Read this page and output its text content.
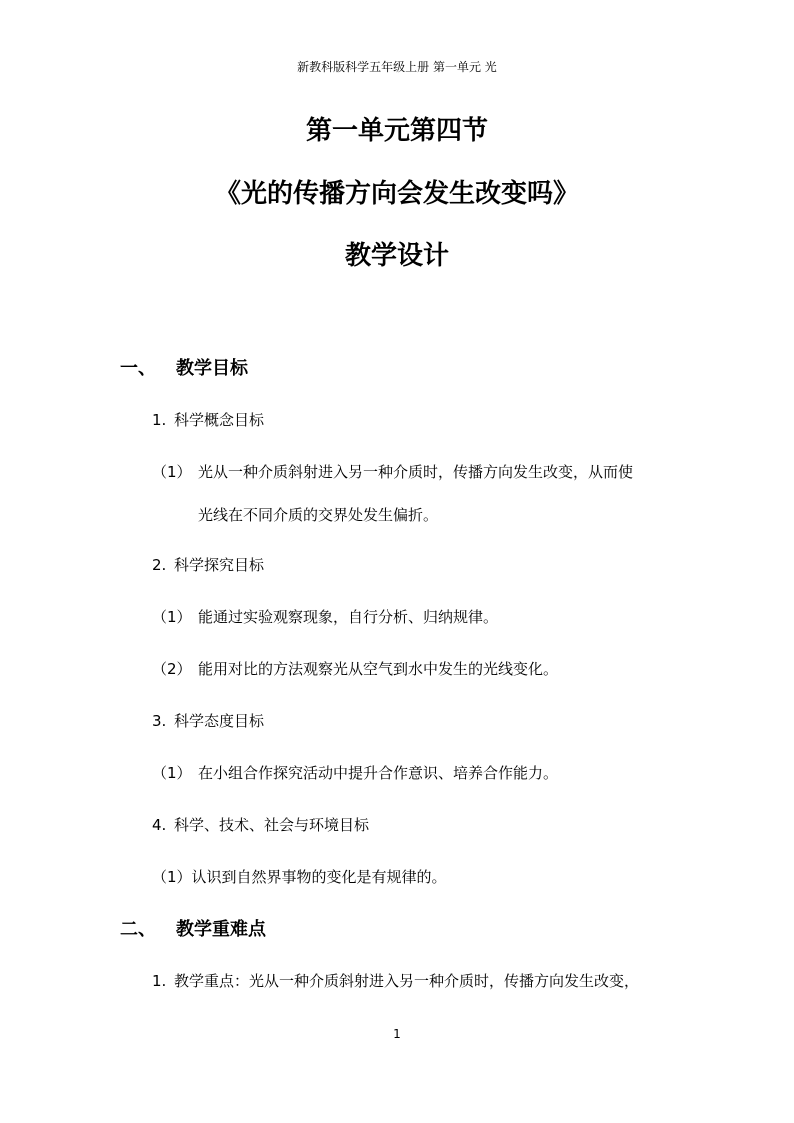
新教科版科学五年级上册 第一单元 光
第一单元第四节
《光的传播方向会发生改变吗》
教学设计
一、 教学目标
1. 科学概念目标
（1） 光从一种介质斜射进入另一种介质时，传播方向发生改变，从而使
光线在不同介质的交界处发生偏折。
2. 科学探究目标
（1） 能通过实验观察现象，自行分析、归纳规律。
（2） 能用对比的方法观察光从空气到水中发生的光线变化。
3. 科学态度目标
（1） 在小组合作探究活动中提升合作意识、培养合作能力。
4. 科学、技术、社会与环境目标
（1）认识到自然界事物的变化是有规律的。
二、 教学重难点
1. 教学重点：光从一种介质斜射进入另一种介质时，传播方向发生改变，
1
